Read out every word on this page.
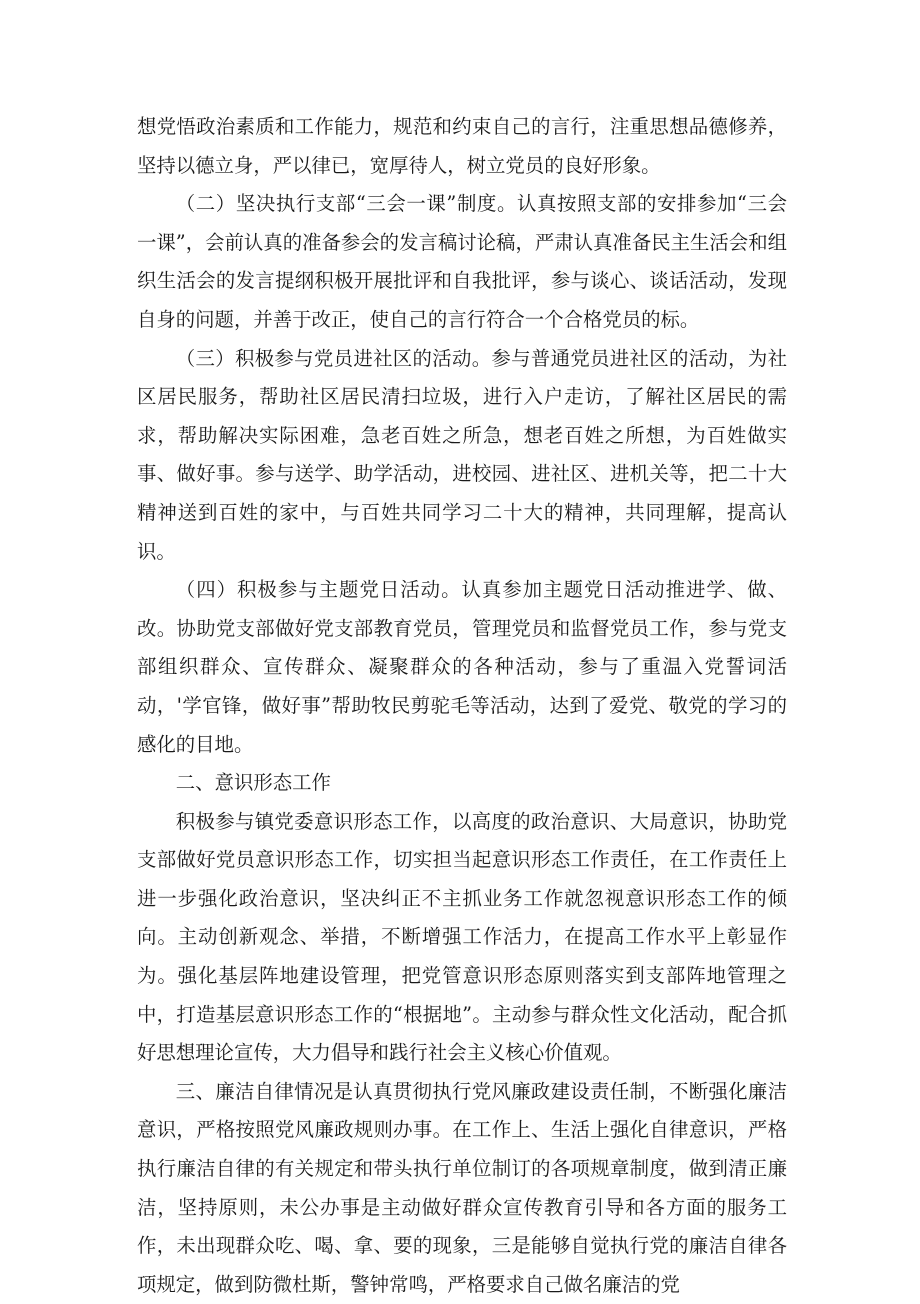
想党悟政治素质和工作能力，规范和约束自己的言行，注重思想品德修养，坚持以德立身，严以律已，宽厚待人，树立党员的良好形象。

（二）坚决执行支部“三会一课”制度。认真按照支部的安排参加“三会一课”，会前认真的准备参会的发言稿讨论稿，严肃认真准备民主生活会和组织生活会的发言提纲积极开展批评和自我批评，参与谈心、谈话活动，发现自身的问题，并善于改正，使自己的言行符合一个合格党员的标。

（三）积极参与党员进社区的活动。参与普通党员进社区的活动，为社区居民服务，帮助社区居民清扫垃圾，进行入户走访，了解社区居民的需求，帮助解决实际困难，急老百姓之所急，想老百姓之所想，为百姓做实事、做好事。参与送学、助学活动，进校园、进社区、进机关等，把二十大精神送到百姓的家中，与百姓共同学习二十大的精神，共同理解，提高认识。

（四）积极参与主题党日活动。认真参加主题党日活动推进学、做、改。协助党支部做好党支部教育党员，管理党员和监督党员工作，参与党支部组织群众、宣传群众、凝聚群众的各种活动，参与了重温入党誓词活动，'学官锋，做好事”帮助牧民剪驼毛等活动，达到了爱党、敬党的学习的感化的目地。

二、意识形态工作

积极参与镇党委意识形态工作，以高度的政治意识、大局意识，协助党支部做好党员意识形态工作，切实担当起意识形态工作责任，在工作责任上进一步强化政治意识，坚决纠正不主抓业务工作就忽视意识形态工作的倾向。主动创新观念、举措，不断增强工作活力，在提高工作水平上彰显作为。强化基层阵地建设管理，把党管意识形态原则落实到支部阵地管理之中，打造基层意识形态工作的“根据地”。主动参与群众性文化活动，配合抓好思想理论宣传，大力倡导和践行社会主义核心价值观。

三、廉洁自律情况是认真贯彻执行党风廉政建设责任制，不断强化廉洁意识，严格按照党风廉政规则办事。在工作上、生活上强化自律意识，严格执行廉洁自律的有关规定和带头执行单位制订的各项规章制度，做到清正廉洁，坚持原则，未公办事是主动做好群众宣传教育引导和各方面的服务工作，未出现群众吃、喝、拿、要的现象，三是能够自觉执行党的廉洁自律各项规定，做到防微杜斯，警钟常鸣，严格要求自己做名廉洁的党
